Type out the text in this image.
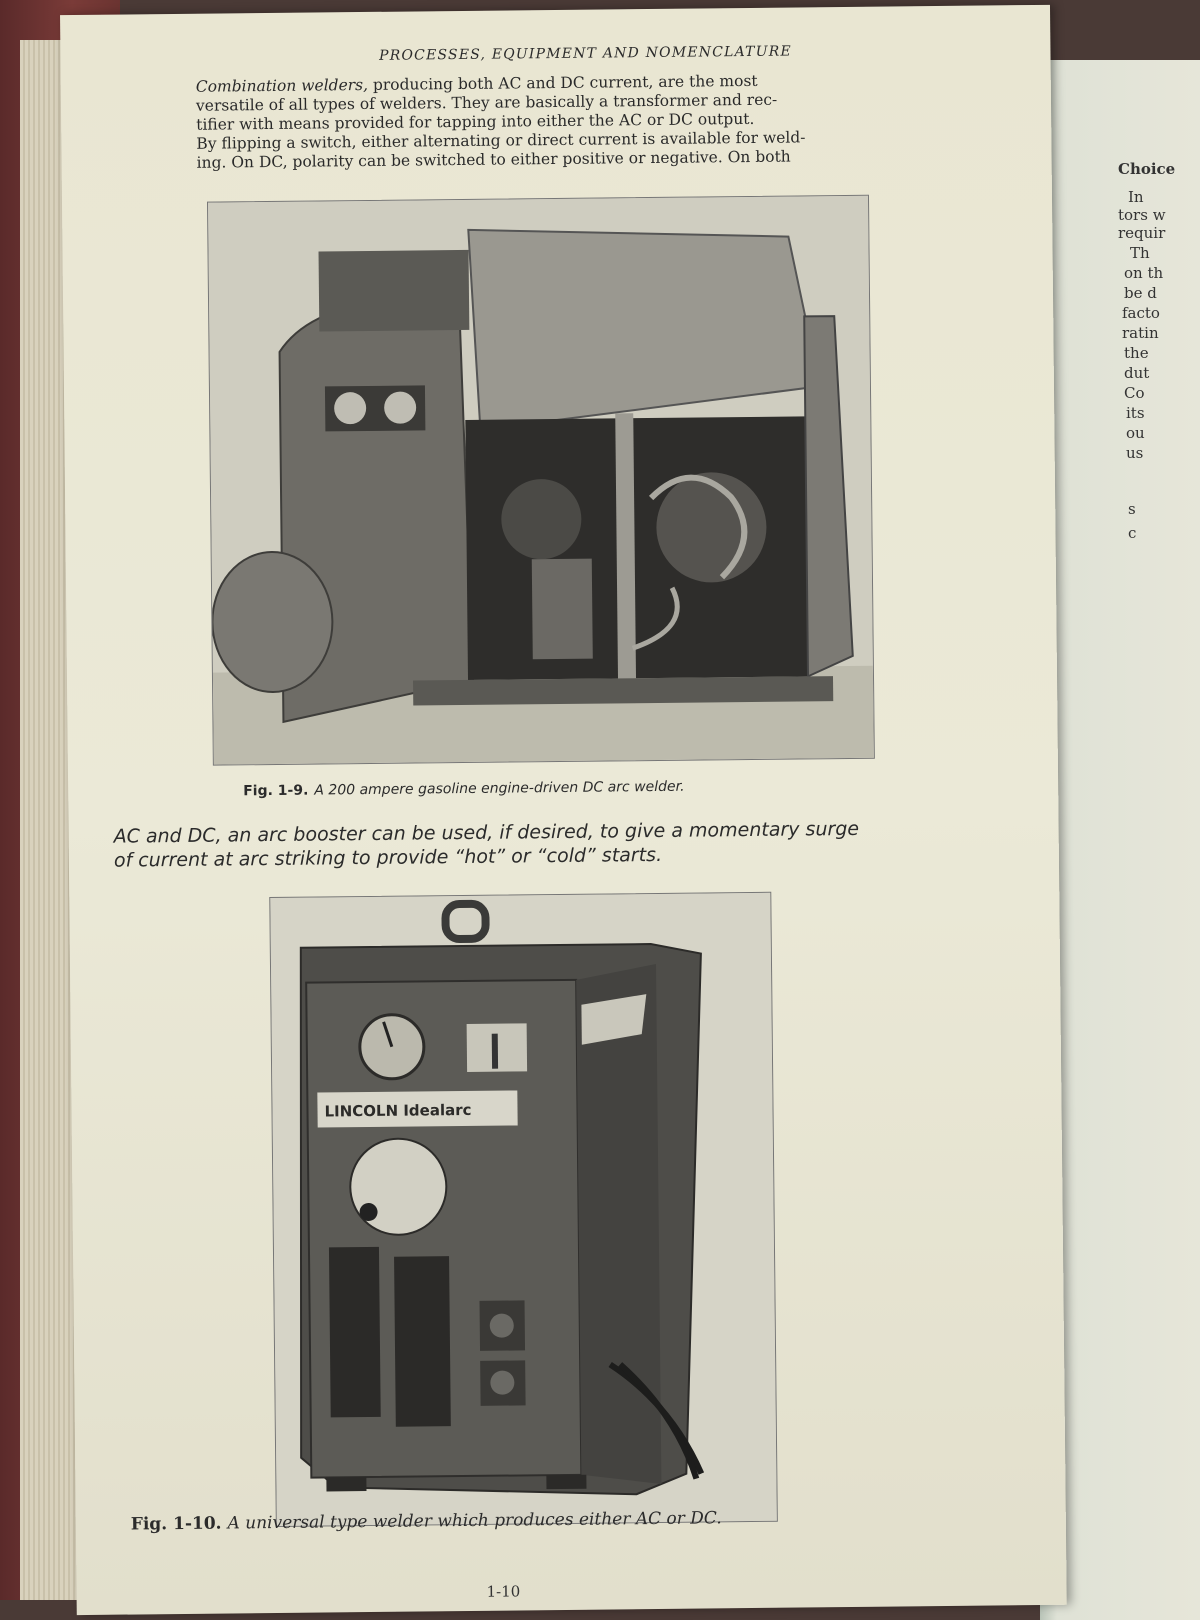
Choice
In
tors w
requir
Th
on th
be d
facto
ratin
the
dut
Co
its
ou
us
s
c
PROCESSES, EQUIPMENT AND NOMENCLATURE
Combination welders, producing both AC and DC current, are the most
versatile of all types of welders. They are basically a transformer and rec-
tifier with means provided for tapping into either the AC or DC output.
By flipping a switch, either alternating or direct current is available for weld-
ing. On DC, polarity can be switched to either positive or negative. On both
Fig. 1-9. A 200 ampere gasoline engine-driven DC arc welder.
AC and DC, an arc booster can be used, if desired, to give a momentary surge
of current at arc striking to provide “hot” or “cold” starts.
LINCOLN Idealarc
Fig. 1-10. A universal type welder which produces either AC or DC.
1-10
